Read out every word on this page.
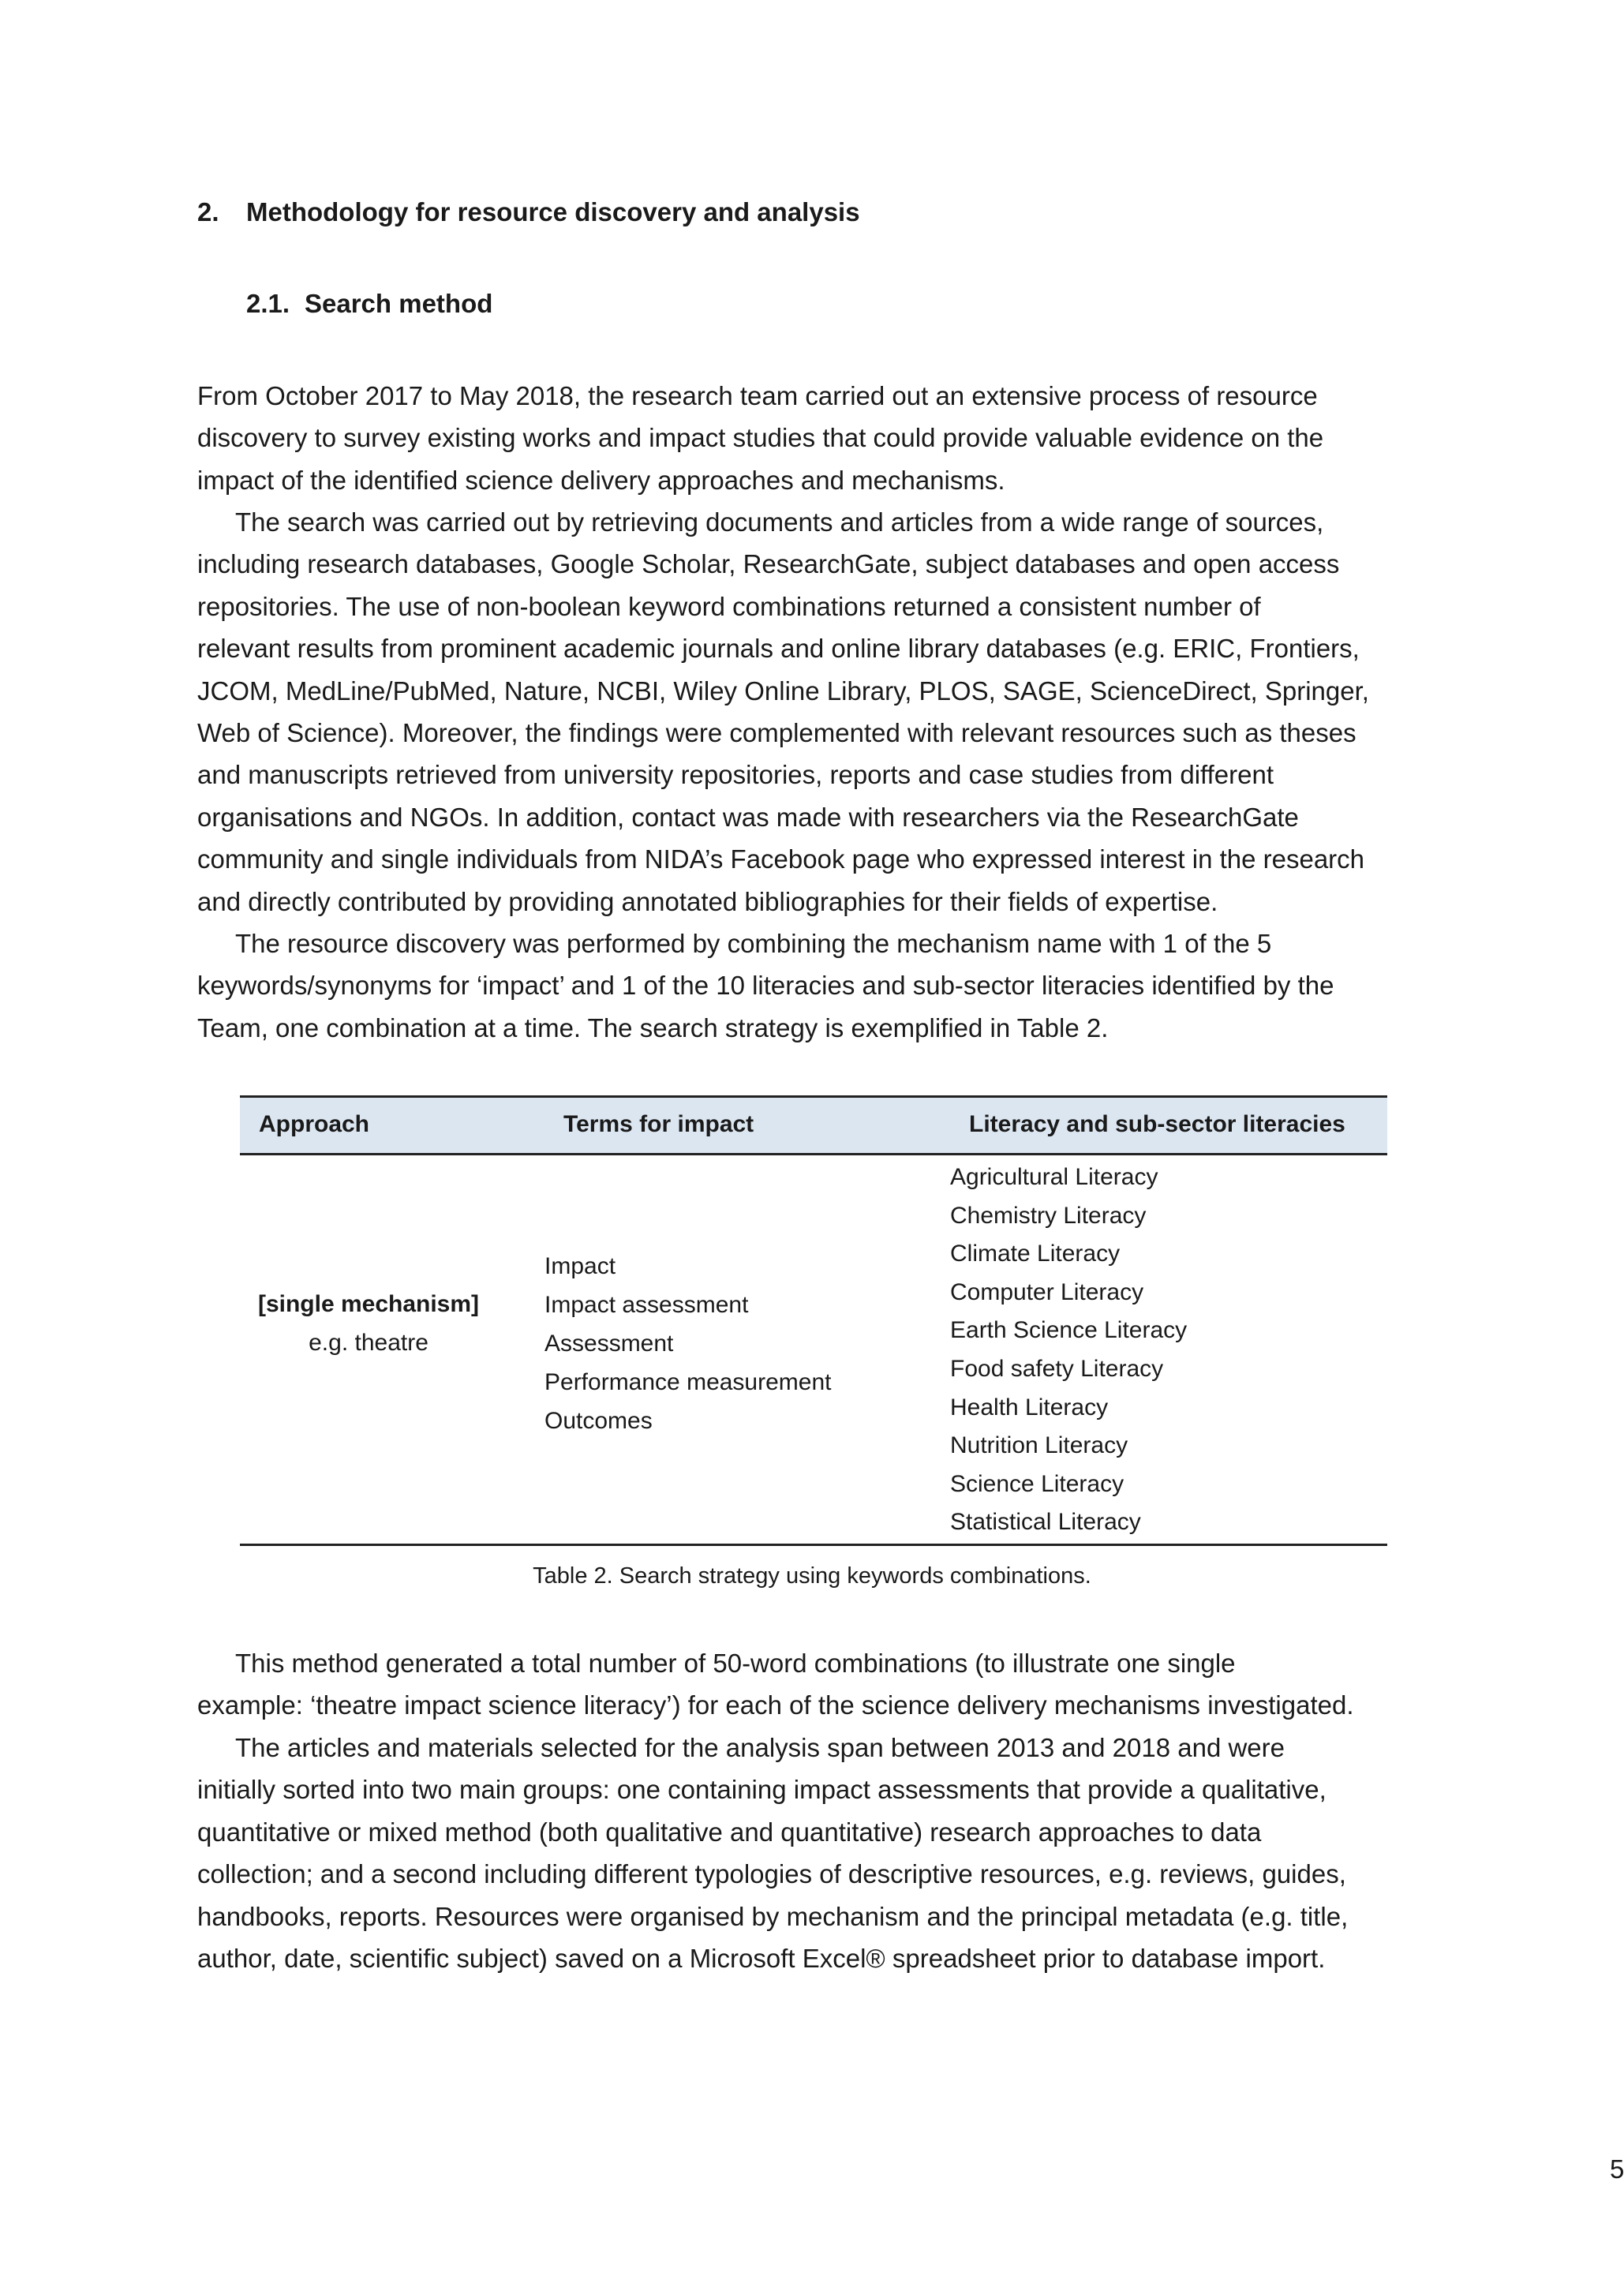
2. Methodology for resource discovery and analysis
2.1. Search method

From October 2017 to May 2018, the research team carried out an extensive process of resource
discovery to survey existing works and impact studies that could provide valuable evidence on the
impact of the identified science delivery approaches and mechanisms.

The search was carried out by retrieving documents and articles from a wide range of sources,
including research databases, Google Scholar, ResearchGate, subject databases and open access
repositories. The use of non-boolean keyword combinations returned a consistent number of
relevant results from prominent academic journals and online library databases (e.g. ERIC, Frontiers,
JCOM, MedLine/PubMed, Nature, NCBI, Wiley Online Library, PLOS, SAGE, ScienceDirect, Springer,
Web of Science). Moreover, the findings were complemented with relevant resources such as theses
and manuscripts retrieved from university repositories, reports and case studies from different
organisations and NGOs. In addition, contact was made with researchers via the ResearchGate
community and single individuals from NIDA’s Facebook page who expressed interest in the research
and directly contributed by providing annotated bibliographies for their fields of expertise.

The resource discovery was performed by combining the mechanism name with 1 of the 5
keywords/synonyms for ‘impact’ and 1 of the 10 literacies and sub-sector literacies identified by the
Team, one combination at a time. The search strategy is exemplified in Table 2.

Approach	Terms for impact	Literacy and sub-sector literacies
[single mechanism]
e.g. theatre
Impact
Impact assessment
Assessment
Performance measurement
Outcomes
Agricultural Literacy
Chemistry Literacy
Climate Literacy
Computer Literacy
Earth Science Literacy
Food safety Literacy
Health Literacy
Nutrition Literacy
Science Literacy
Statistical Literacy
Table 2. Search strategy using keywords combinations.

This method generated a total number of 50-word combinations (to illustrate one single
example: ‘theatre impact science literacy’) for each of the science delivery mechanisms investigated.

The articles and materials selected for the analysis span between 2013 and 2018 and were
initially sorted into two main groups: one containing impact assessments that provide a qualitative,
quantitative or mixed method (both qualitative and quantitative) research approaches to data
collection; and a second including different typologies of descriptive resources, e.g. reviews, guides,
handbooks, reports. Resources were organised by mechanism and the principal metadata (e.g. title,
author, date, scientific subject) saved on a Microsoft Excel® spreadsheet prior to database import.

5
